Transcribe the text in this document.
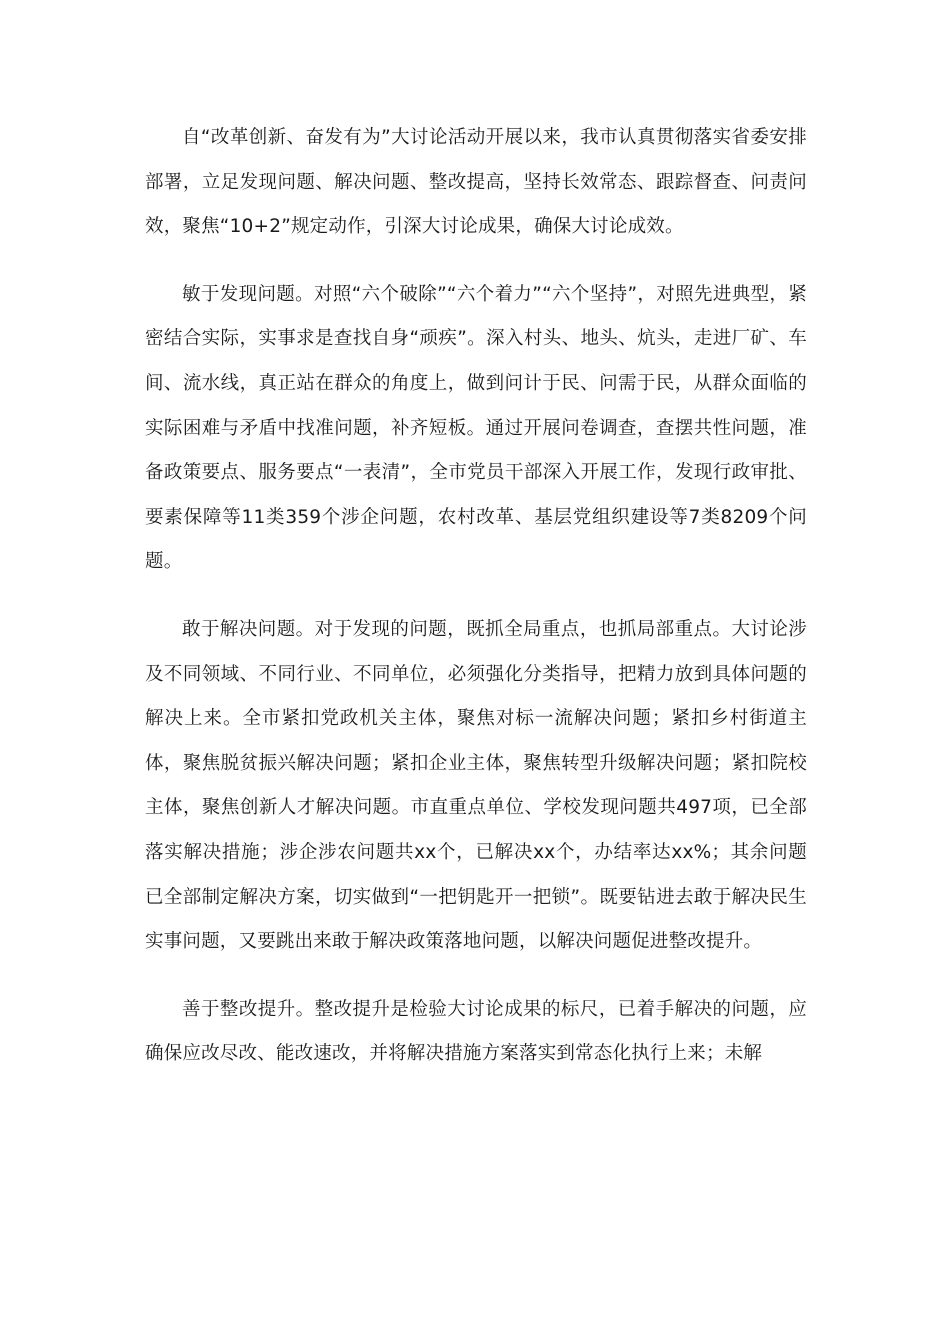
自“改革创新、奋发有为”大讨论活动开展以来，我市认真贯彻落实省委安排部署，立足发现问题、解决问题、整改提高，坚持长效常态、跟踪督查、问责问效，聚焦“10+2”规定动作，引深大讨论成果，确保大讨论成效。

敏于发现问题。对照“六个破除”“六个着力”“六个坚持”，对照先进典型，紧密结合实际，实事求是查找自身“顽疾”。深入村头、地头、炕头，走进厂矿、车间、流水线，真正站在群众的角度上，做到问计于民、问需于民，从群众面临的实际困难与矛盾中找准问题，补齐短板。通过开展问卷调查，查摆共性问题，准备政策要点、服务要点“一表清”，全市党员干部深入开展工作，发现行政审批、要素保障等11类359个涉企问题，农村改革、基层党组织建设等7类8209个问题。

敢于解决问题。对于发现的问题，既抓全局重点，也抓局部重点。大讨论涉及不同领域、不同行业、不同单位，必须强化分类指导，把精力放到具体问题的解决上来。全市紧扣党政机关主体，聚焦对标一流解决问题；紧扣乡村街道主体，聚焦脱贫振兴解决问题；紧扣企业主体，聚焦转型升级解决问题；紧扣院校主体，聚焦创新人才解决问题。市直重点单位、学校发现问题共497项，已全部落实解决措施；涉企涉农问题共xx个，已解决xx个，办结率达xx%；其余问题已全部制定解决方案，切实做到“一把钥匙开一把锁”。既要钻进去敢于解决民生实事问题，又要跳出来敢于解决政策落地问题，以解决问题促进整改提升。

善于整改提升。整改提升是检验大讨论成果的标尺，已着手解决的问题，应确保应改尽改、能改速改，并将解决措施方案落实到常态化执行上来；未解
